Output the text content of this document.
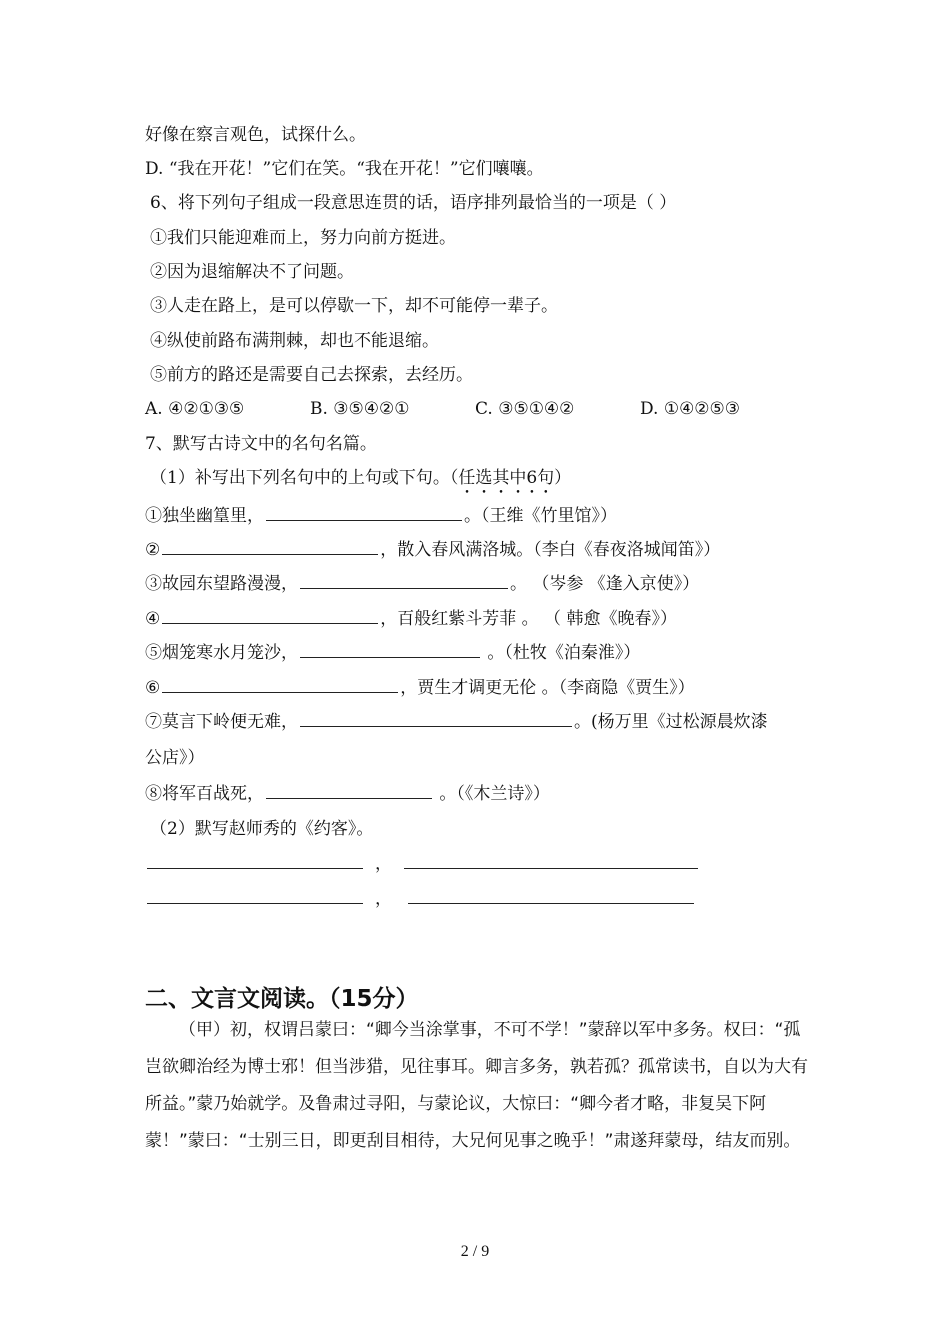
好像在察言观色，试探什么。
D. “我在开花！”它们在笑。“我在开花！”它们嚷嚷。
6、将下列句子组成一段意思连贯的话，语序排列最恰当的一项是（ ）
①我们只能迎难而上，努力向前方挺进。
②因为退缩解决不了问题。
③人走在路上，是可以停歇一下，却不可能停一辈子。
④纵使前路布满荆棘，却也不能退缩。
⑤前方的路还是需要自己去探索，去经历。
A. ④②①③⑤	B. ③⑤④②①	C. ③⑤①④②	D. ①④②⑤③
7、默写古诗文中的名句名篇。
（1）补写出下列名句中的上句或下句。（任选其中6句）
①独坐幽篁里，	。（王维《竹里馆》）
②	，散入春风满洛城。（李白《春夜洛城闻笛》）
③故园东望路漫漫，	。 （岑参 《逢入京使》）
④	，百般红紫斗芳菲 。 （ 韩愈《晚春》）
⑤烟笼寒水月笼沙，	。（杜牧《泊秦淮》）
⑥	，贾生才调更无伦 。（李商隐《贾生》）
⑦莫言下岭便无难，	。(杨万里《过松源晨炊漆
公店》）
⑧将军百战死，	。（《木兰诗》）
（2）默写赵师秀的《约客》。
，
，
二、文言文阅读。（15分）
（甲）初，权谓吕蒙曰：“卿今当涂掌事，不可不学！”蒙辞以军中多务。权曰：“孤岂欲卿治经为博士邪！但当涉猎，见往事耳。卿言多务，孰若孤？孤常读书，自以为大有所益。”蒙乃始就学。及鲁肃过寻阳，与蒙论议，大惊曰：“卿今者才略，非复吴下阿蒙！”蒙曰：“士别三日，即更刮目相待，大兄何见事之晚乎！”肃遂拜蒙母，结友而别。
2 / 9
